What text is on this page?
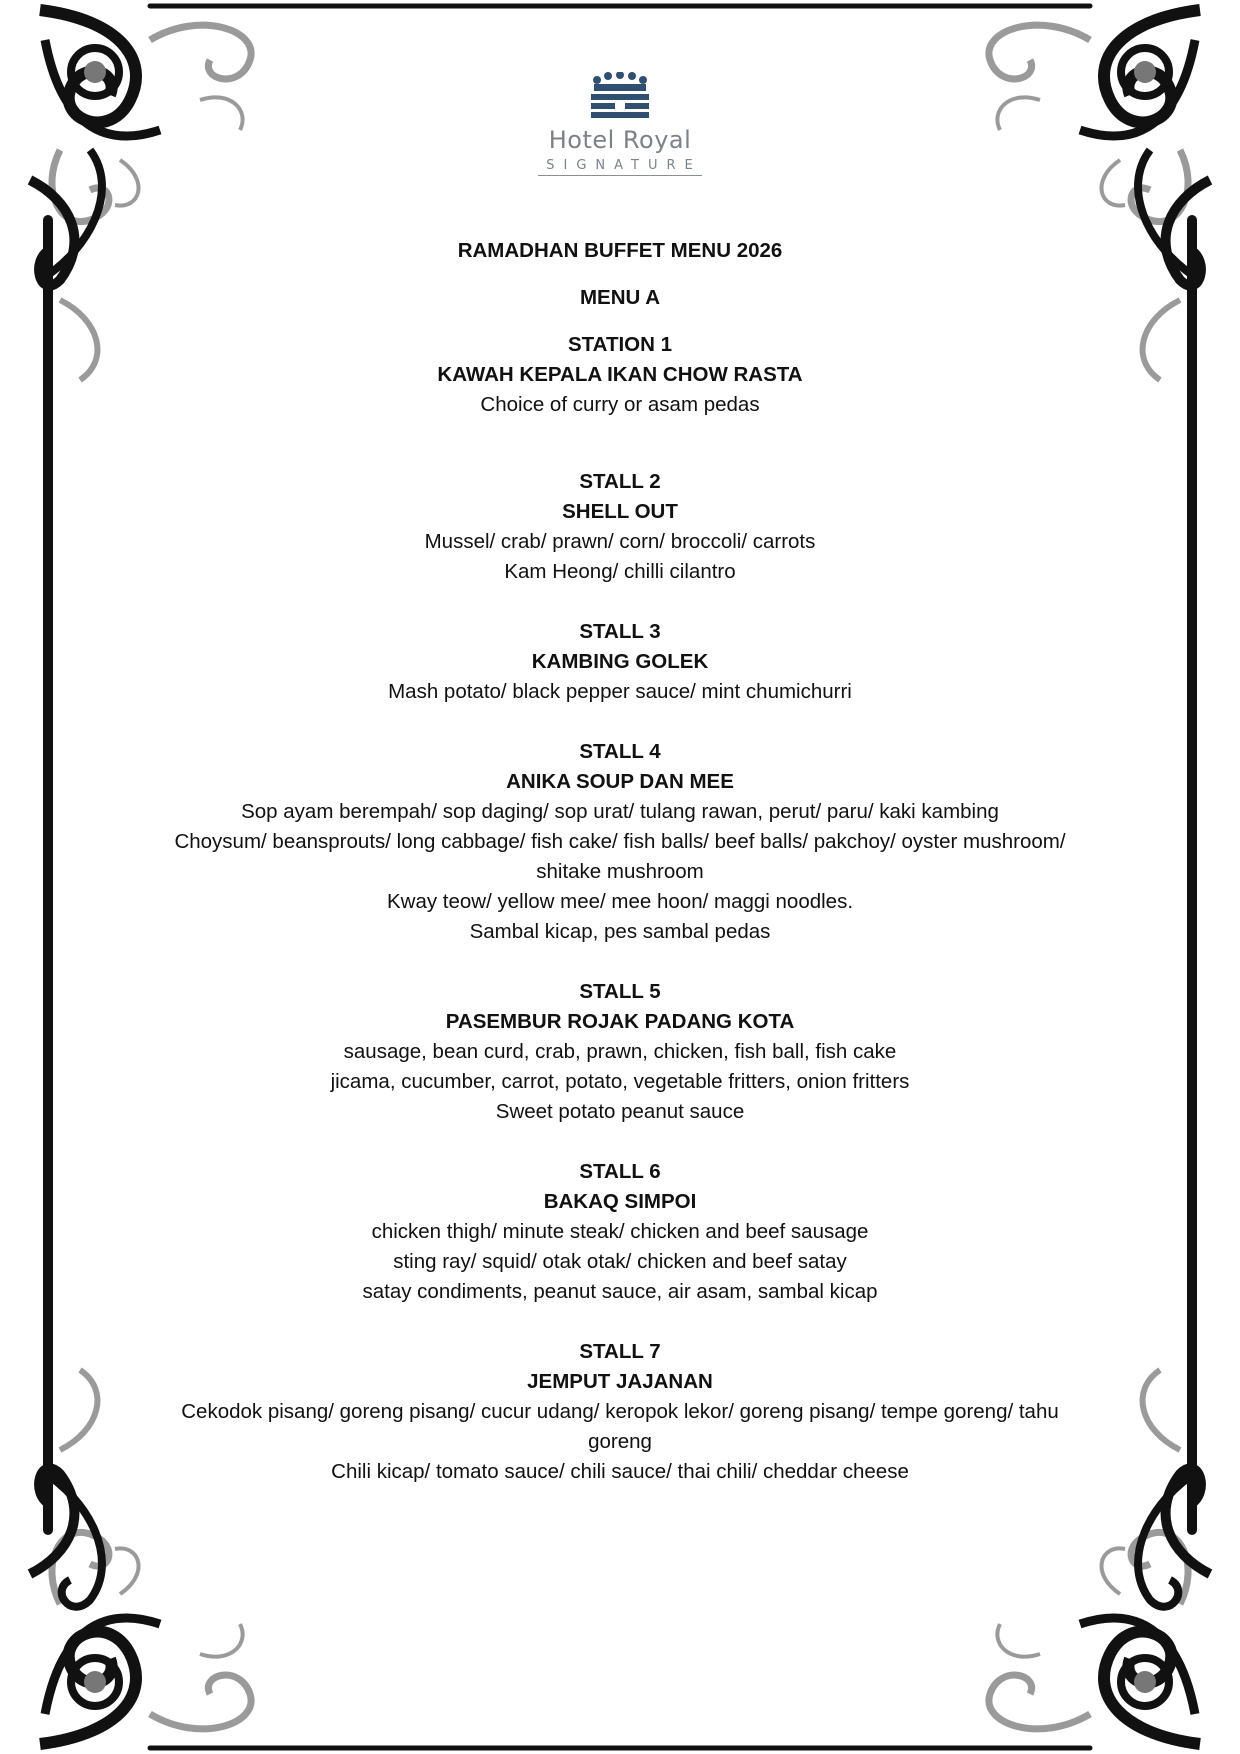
Hotel Royal
SIGNATURE
RAMADHAN BUFFET MENU 2026
MENU A
STATION 1
KAWAH KEPALA IKAN CHOW RASTA
Choice of curry or asam pedas
STALL 2
SHELL OUT
Mussel/ crab/ prawn/ corn/ broccoli/ carrots
Kam Heong/ chilli cilantro
STALL 3
KAMBING GOLEK
Mash potato/ black pepper sauce/ mint chumichurri
STALL 4
ANIKA SOUP DAN MEE
Sop ayam berempah/ sop daging/ sop urat/ tulang rawan, perut/ paru/ kaki kambing
Choysum/ beansprouts/ long cabbage/ fish cake/ fish balls/ beef balls/ pakchoy/ oyster mushroom/
shitake mushroom
Kway teow/ yellow mee/ mee hoon/ maggi noodles.
Sambal kicap, pes sambal pedas
STALL 5
PASEMBUR ROJAK PADANG KOTA
sausage, bean curd, crab, prawn, chicken, fish ball, fish cake
jicama, cucumber, carrot, potato, vegetable fritters, onion fritters
Sweet potato peanut sauce
STALL 6
BAKAQ SIMPOI
chicken thigh/ minute steak/ chicken and beef sausage
sting ray/ squid/ otak otak/ chicken and beef satay
satay condiments, peanut sauce, air asam, sambal kicap
STALL 7
JEMPUT JAJANAN
Cekodok pisang/ goreng pisang/ cucur udang/ keropok lekor/ goreng pisang/ tempe goreng/ tahu
goreng
Chili kicap/ tomato sauce/ chili sauce/ thai chili/ cheddar cheese
